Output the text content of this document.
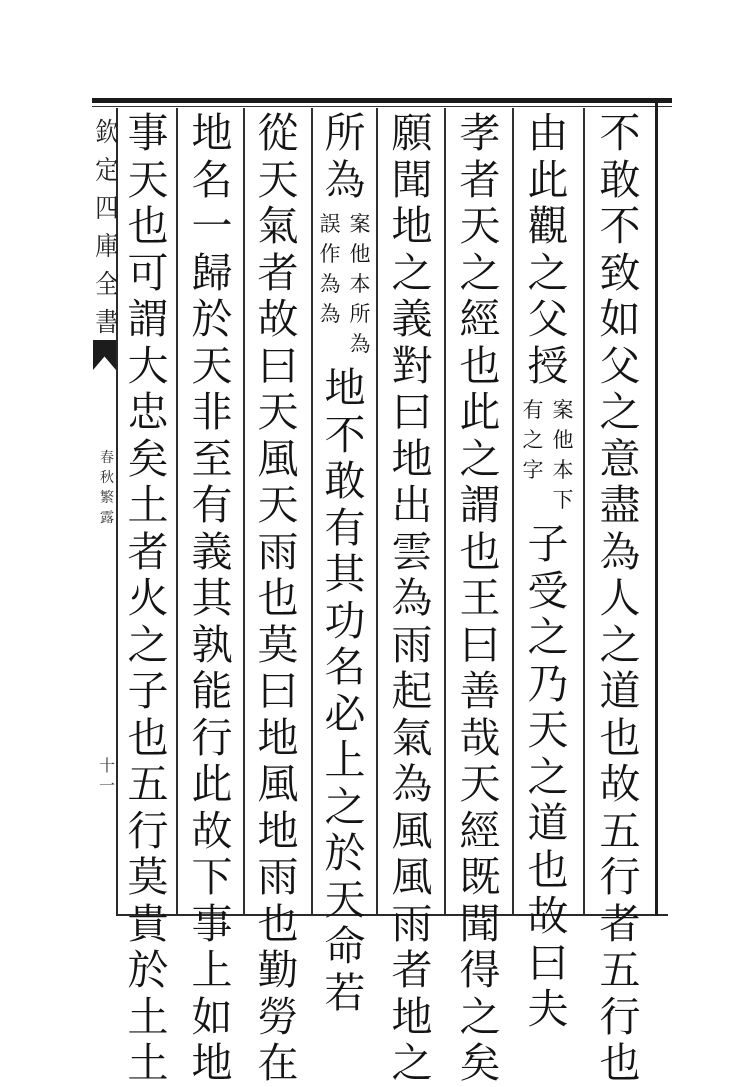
欽定四庫全書
春秋繁露
十一
不敢不致如父之意盡為人之道也故五行者五行也
由此觀之父授
案他本下
有之字
子受之乃天之道也故曰夫
孝者天之經也此之謂也王曰善哉天經既聞得之矣
願聞地之義對曰地出雲為雨起氣為風風雨者地之
所為
案他本所為
誤作為為
地不敢有其功名必上之於天命若
從天氣者故曰天風天雨也莫曰地風地雨也勤勞在
地名一歸於天非至有義其孰能行此故下事上如地
事天也可謂大忠矣土者火之子也五行莫貴於土土
